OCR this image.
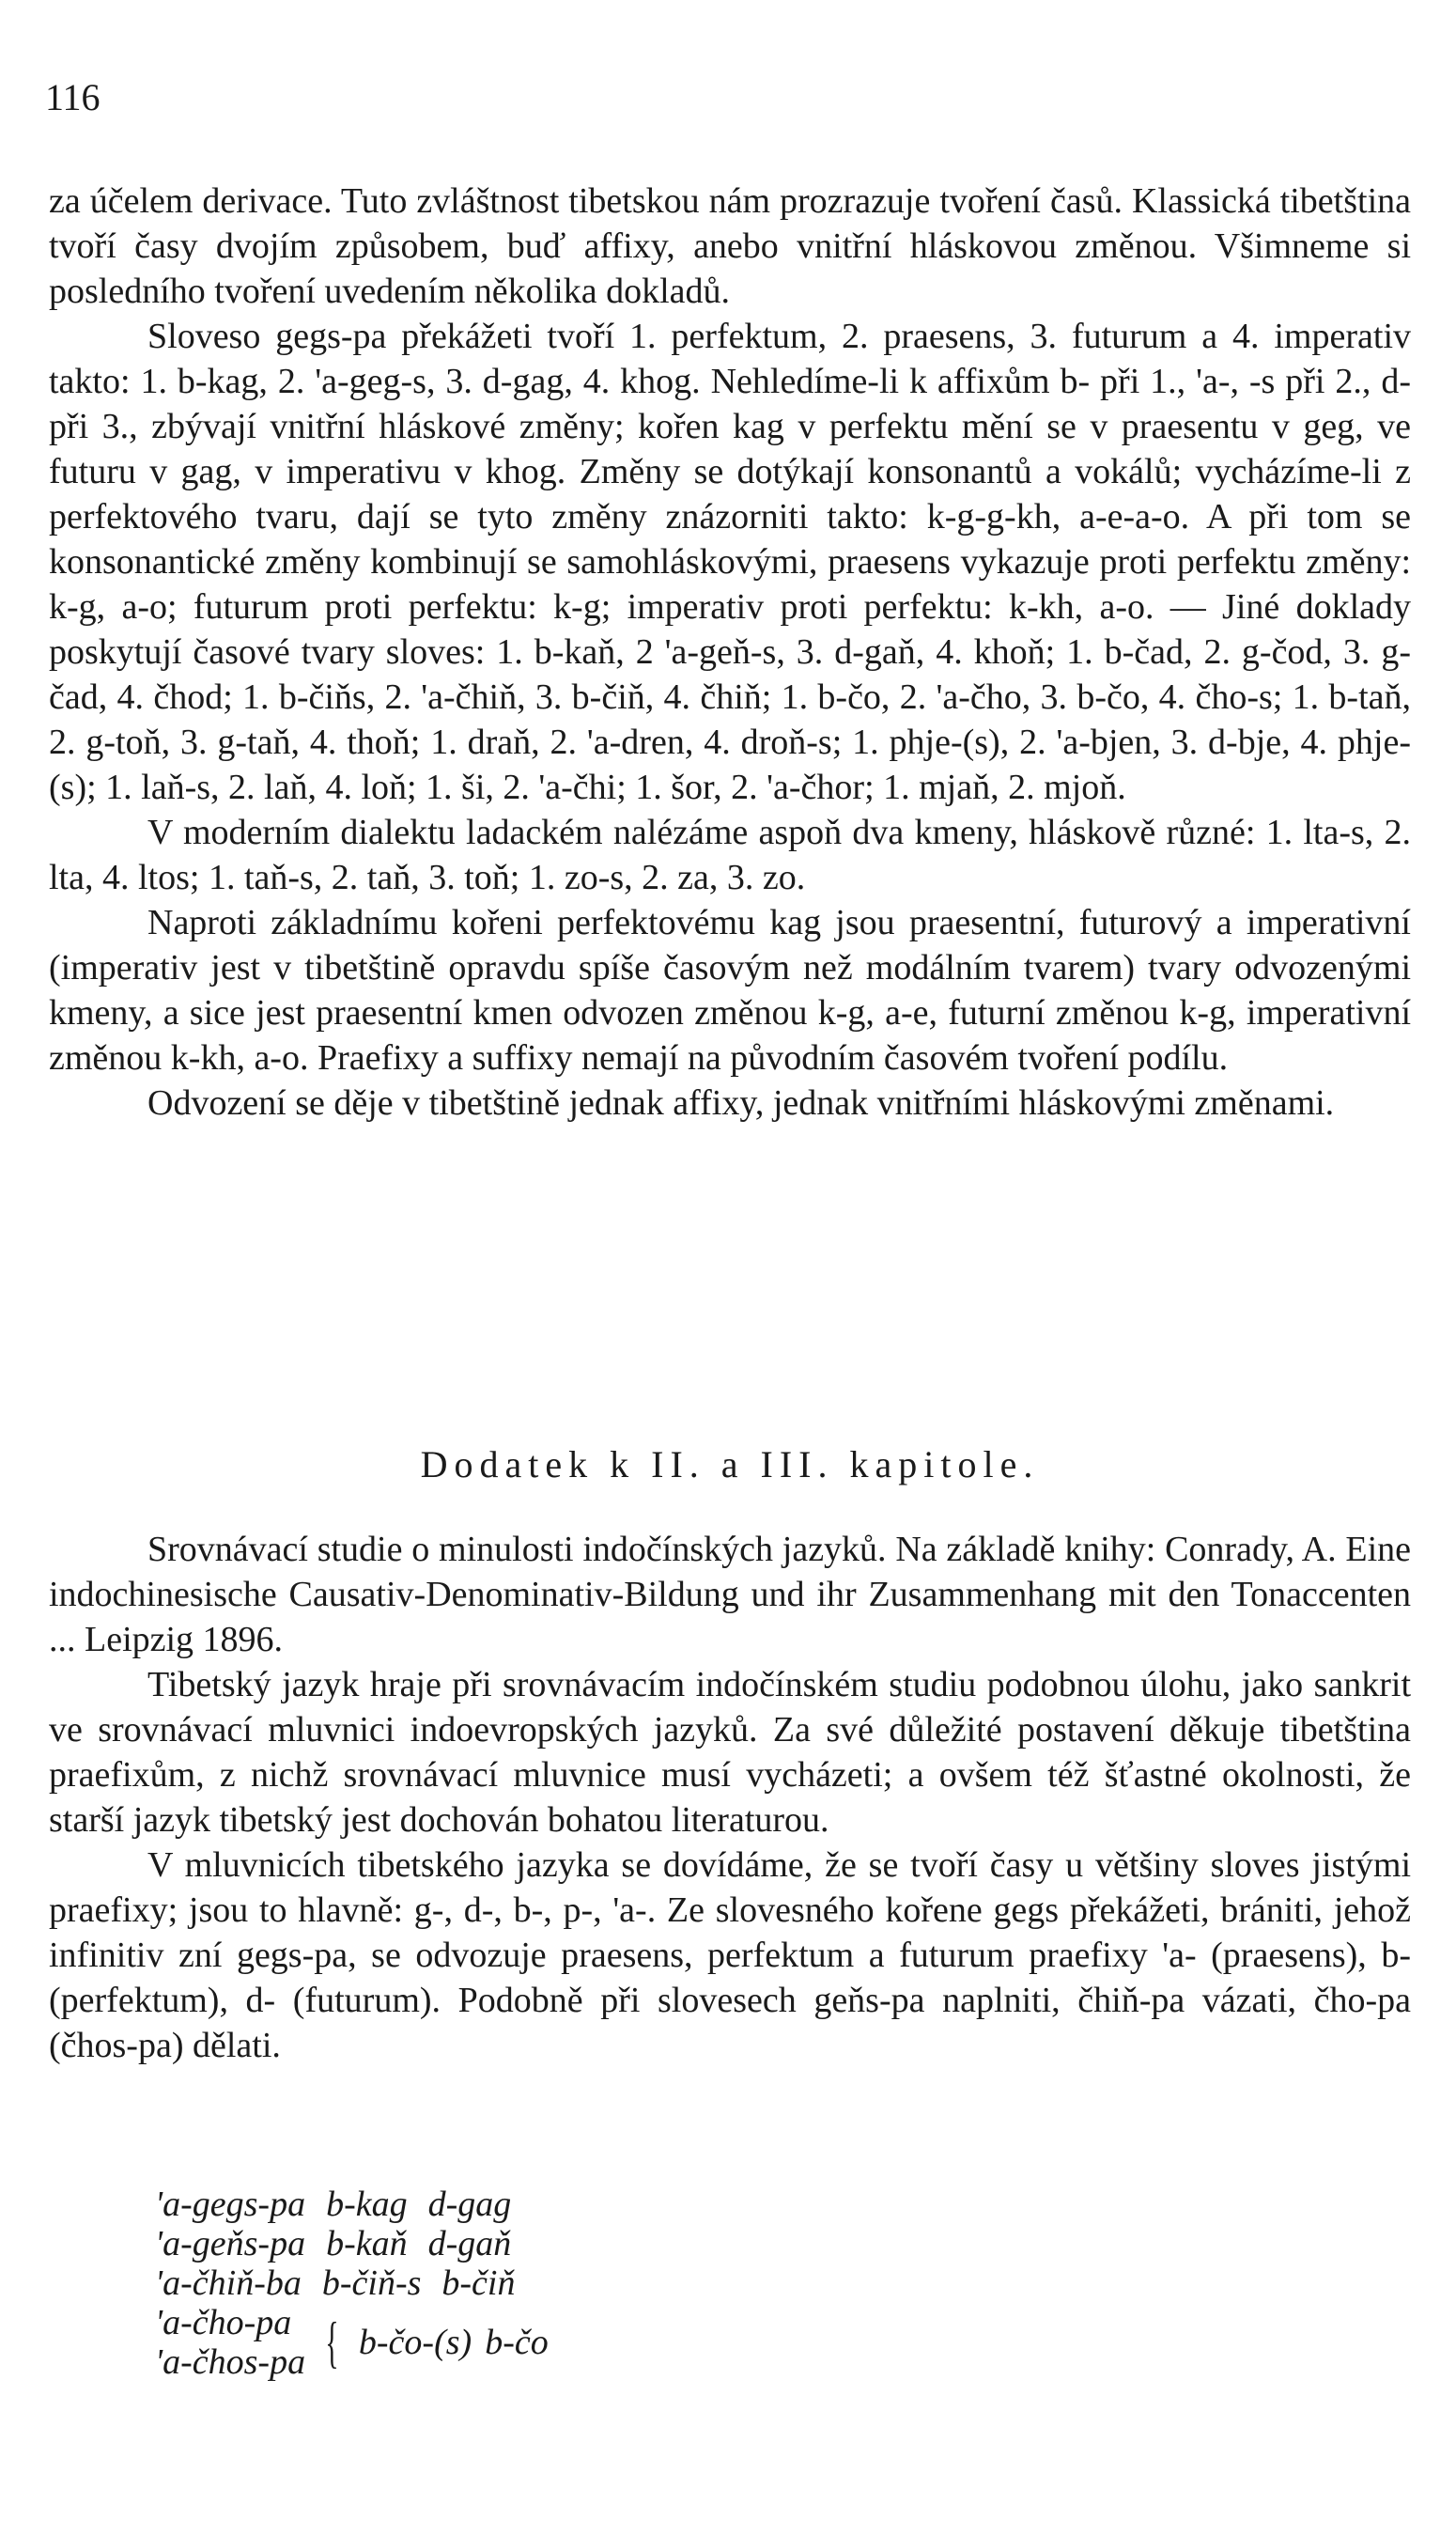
116

za účelem derivace. Tuto zvláštnost tibetskou nám prozrazuje tvoření časů. Klassická tibetština tvoří časy dvojím způsobem, buď affixy, anebo vnitřní hláskovou změnou. Všimneme si posledního tvoření uvedením několika dokladů.

Sloveso gegs-pa překážeti tvoří 1. perfektum, 2. praesens, 3. futurum a 4. imperativ takto: 1. b-kag, 2. 'a-geg-s, 3. d-gag, 4. khog. Nehledíme-li k affixům b- při 1., 'a-, -s při 2., d- při 3., zbývají vnitřní hláskové změny; kořen kag v perfektu mění se v praesentu v geg, ve futuru v gag, v imperativu v khog. Změny se dotýkají konsonantů a vokálů; vycházíme-li z perfektového tvaru, dají se tyto změny znázorniti takto: k-g-g-kh, a-e-a-o. A při tom se konsonantické změny kombinují se samohláskovými, praesens vykazuje proti perfektu změny: k-g, a-o; futurum proti perfektu: k-g; imperativ proti perfektu: k-kh, a-o. — Jiné doklady poskytují časové tvary sloves: 1. b-kaň, 2 'a-geň-s, 3. d-gaň, 4. khoň; 1. b-čad, 2. g-čod, 3. g-čad, 4. čhod; 1. b-čiňs, 2. 'a-čhiň, 3. b-čiň, 4. čhiň; 1. b-čo, 2. 'a-čho, 3. b-čo, 4. čho-s; 1. b-taň, 2. g-toň, 3. g-taň, 4. thoň; 1. draň, 2. 'a-dren, 4. droň-s; 1. phje-(s), 2. 'a-bjen, 3. d-bje, 4. phje-(s); 1. laň-s, 2. laň, 4. loň; 1. ši, 2. 'a-čhi; 1. šor, 2. 'a-čhor; 1. mjaň, 2. mjoň.

V moderním dialektu ladackém nalézáme aspoň dva kmeny, hláskově různé: 1. lta-s, 2. lta, 4. ltos; 1. taň-s, 2. taň, 3. toň; 1. zo-s, 2. za, 3. zo.

Naproti základnímu kořeni perfektovému kag jsou praesentní, futurový a imperativní (imperativ jest v tibetštině opravdu spíše časovým než modálním tvarem) tvary odvozenými kmeny, a sice jest praesentní kmen odvozen změnou k-g, a-e, futurní změnou k-g, imperativní změnou k-kh, a-o. Praefixy a suffixy nemají na původním časovém tvoření podílu.

Odvození se děje v tibetštině jednak affixy, jednak vnitřními hláskovými změnami.

Dodatek k II. a III. kapitole.

Srovnávací studie o minulosti indočínských jazyků. Na základě knihy: Conrady, A. Eine indochinesische Causativ-Denominativ-Bildung und ihr Zusammenhang mit den Tonaccenten ... Leipzig 1896.

Tibetský jazyk hraje při srovnávacím indočínském studiu podobnou úlohu, jako sankrit ve srovnávací mluvnici indoevropských jazyků. Za své důležité postavení děkuje tibetština praefixům, z nichž srovnávací mluvnice musí vycházeti; a ovšem též šťastné okolnosti, že starší jazyk tibetský jest dochován bohatou literaturou.

V mluvnicích tibetského jazyka se dovídáme, že se tvoří časy u většiny sloves jistými praefixy; jsou to hlavně: g-, d-, b-, p-, 'a-. Ze slovesného kořene gegs překážeti, brániti, jehož infinitiv zní gegs-pa, se odvozuje praesens, perfektum a futurum praefixy 'a- (praesens), b- (perfektum), d- (futurum). Podobně při slovesech geňs-pa naplniti, čhiň-pa vázati, čho-pa (čhos-pa) dělati.

'a-gegs-pa b-kag d-gag
'a-geňs-pa b-kaň d-gaň
'a-čhiň-ba b-čiň-s b-čiň
'a-čho-pa
'a-čhos-pa { b-čo-(s) b-čo
